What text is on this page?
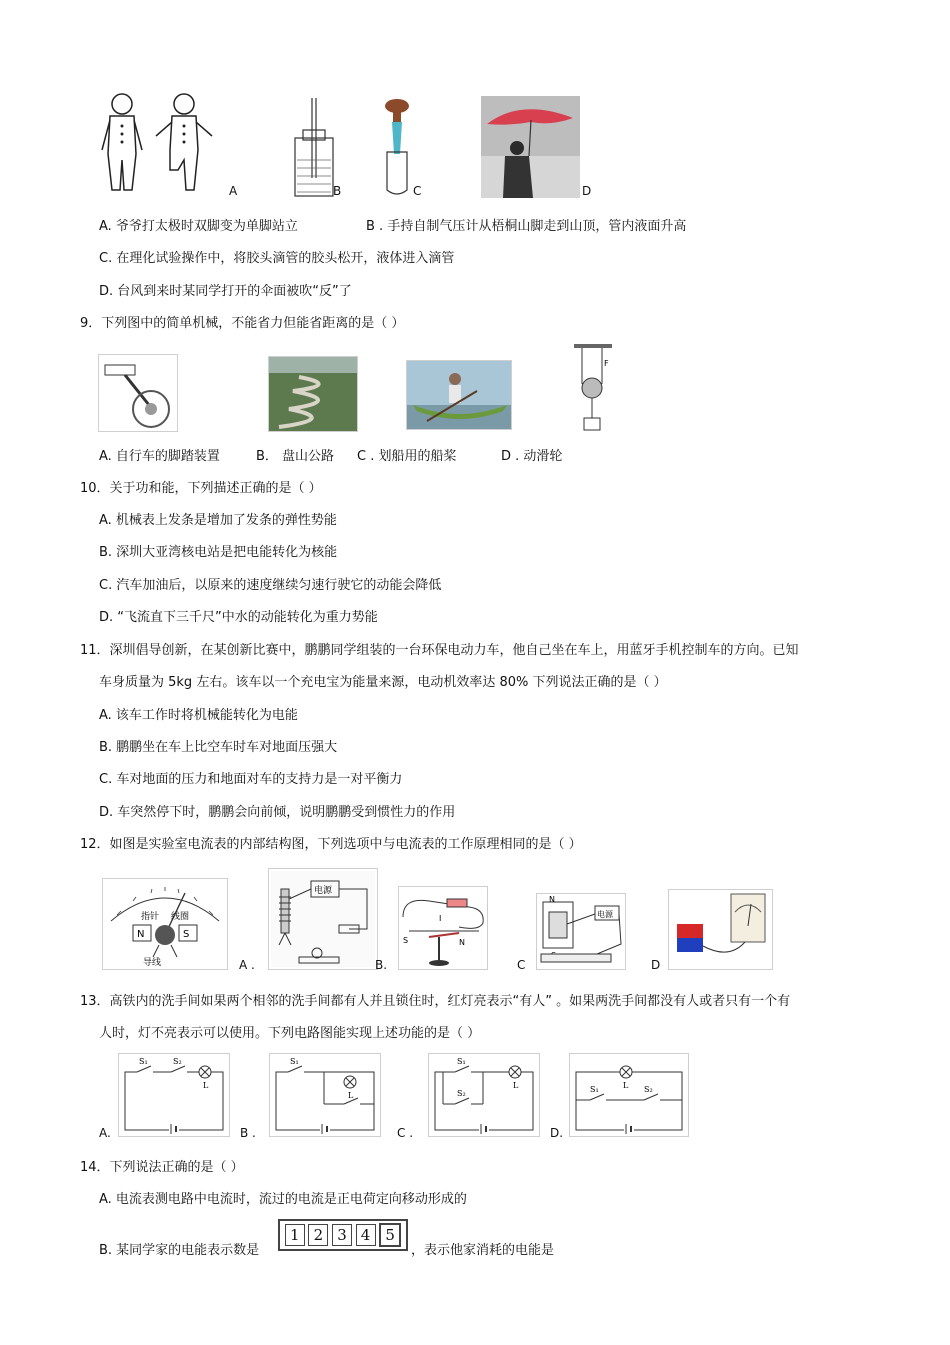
A	B	C	D
A. 爷爷打太极时双脚变为单脚站立	B . 手持自制气压计从梧桐山脚走到山顶，管内液面升高
C. 在理化试验操作中，将胶头滴管的胶头松开，液体进入滴管
D. 台风到来时某同学打开的伞面被吹“反”了
9．下列图中的简单机械，不能省力但能省距离的是（ ）
F
A. 自行车的脚踏装置	B． 盘山公路 C . 划船用的船桨	D . 动滑轮
10．关于功和能，下列描述正确的是（ ）
A. 机械表上发条是增加了发条的弹性势能
B. 深圳大亚湾核电站是把电能转化为核能
C. 汽车加油后，以原来的速度继续匀速行驶它的动能会降低
D. “飞流直下三千尺”中水的动能转化为重力势能
11．深圳倡导创新，在某创新比赛中，鹏鹏同学组装的一台环保电动力车，他自己坐在车上，用蓝牙手机控制车的方向。已知
车身质量为 5kg 左右。该车以一个充电宝为能量来源，电动机效率达 80% 下列说法正确的是（ ）
A. 该车工作时将机械能转化为电能
B. 鹏鹏坐在车上比空车时车对地面压强大
C. 车对地面的压力和地面对车的支持力是一对平衡力
D. 车突然停下时，鹏鹏会向前倾，说明鹏鹏受到惯性力的作用
12．如图是实验室电流表的内部结构图，下列选项中与电流表的工作原理相同的是（ ）
N	S
指针 线圈
导线
电源
A .
I
S	N
B.
N
电源
C	D
13．高铁内的洗手间如果两个相邻的洗手间都有人并且锁住时，红灯亮表示“有人” 。如果两洗手间都没有人或者只有一个有
人时，灯不亮表示可以使用。下列电路图能实现上述功能的是（ ）
S₁	S₂
L
A.
S₁
L
B .
S₁
S₂
L
C .
S₁	S₂
L
D.
14．下列说法正确的是（ ）
A. 电流表测电路中电流时，流过的电流是正电荷定向移动形成的
B. 某同学家的电能表示数是
1 2 3 4	5
，表示他家消耗的电能是
